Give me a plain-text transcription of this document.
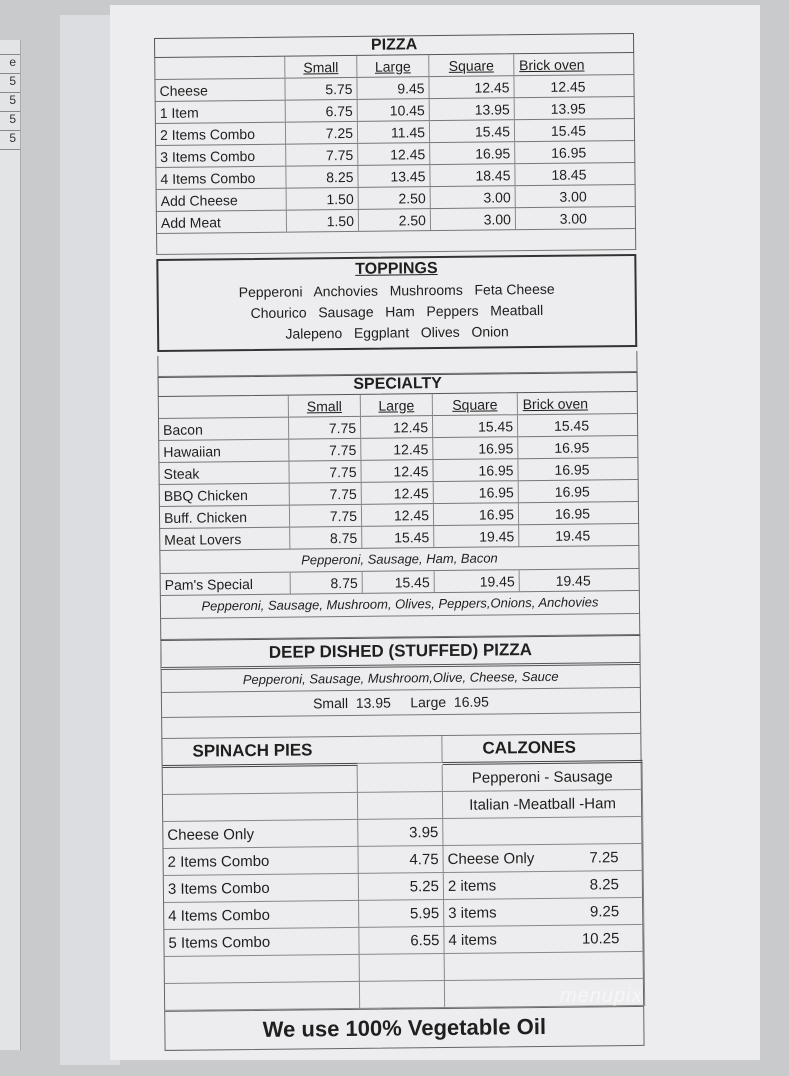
e
5
5
5
5
PIZZA
Small	Large	Square	Brick oven
Cheese	5.75	9.45	12.45	12.45
1 Item	6.75	10.45	13.95	13.95
2 Items Combo	7.25	11.45	15.45	15.45
3 Items Combo	7.75	12.45	16.95	16.95
4 Items Combo	8.25	13.45	18.45	18.45
Add Cheese	1.50	2.50	3.00	3.00
Add Meat	1.50	2.50	3.00	3.00
TOPPINGS
Pepperoni   Anchovies   Mushrooms   Feta Cheese
Chourico   Sausage   Ham   Peppers   Meatball
Jalepeno   Eggplant   Olives   Onion
SPECIALTY
Small	Large	Square	Brick oven
Bacon	7.75	12.45	15.45	15.45
Hawaiian	7.75	12.45	16.95	16.95
Steak	7.75	12.45	16.95	16.95
BBQ Chicken	7.75	12.45	16.95	16.95
Buff. Chicken	7.75	12.45	16.95	16.95
Meat Lovers	8.75	15.45	19.45	19.45
Pepperoni, Sausage, Ham, Bacon
Pam's Special	8.75	15.45	19.45	19.45
Pepperoni, Sausage, Mushroom, Olives, Peppers,Onions, Anchovies
DEEP DISHED (STUFFED) PIZZA
Pepperoni, Sausage, Mushroom,Olive, Cheese, Sauce
Small  13.95     Large  16.95
SPINACH PIES	CALZONES
Pepperoni - Sausage
Italian -Meatball -Ham
Cheese Only	3.95
2 Items Combo	4.75 Cheese Only	7.25
3 Items Combo	5.25 2 items	8.25
4 Items Combo	5.95 3 items	9.25
5 Items Combo	6.55 4 items	10.25
We use 100% Vegetable Oil
menupix
